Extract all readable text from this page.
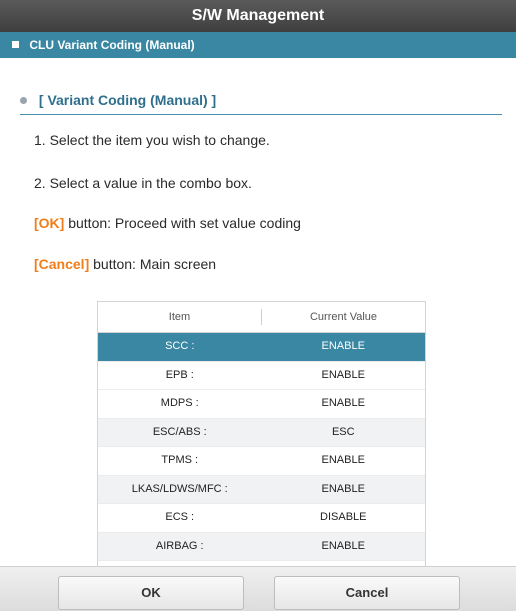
S/W Management
CLU Variant Coding (Manual)
[ Variant Coding (Manual) ]
1. Select the item you wish to change.
2. Select a value in the combo box.
[OK] button: Proceed with set value coding
[Cancel] button: Main screen
Item	Current Value
SCC :	ENABLE
EPB :	ENABLE
MDPS :	ENABLE
ESC/ABS :	ESC
TPMS :	ENABLE
LKAS/LDWS/MFC :	ENABLE
ECS :	DISABLE
AIRBAG :	ENABLE
OK	Cancel
